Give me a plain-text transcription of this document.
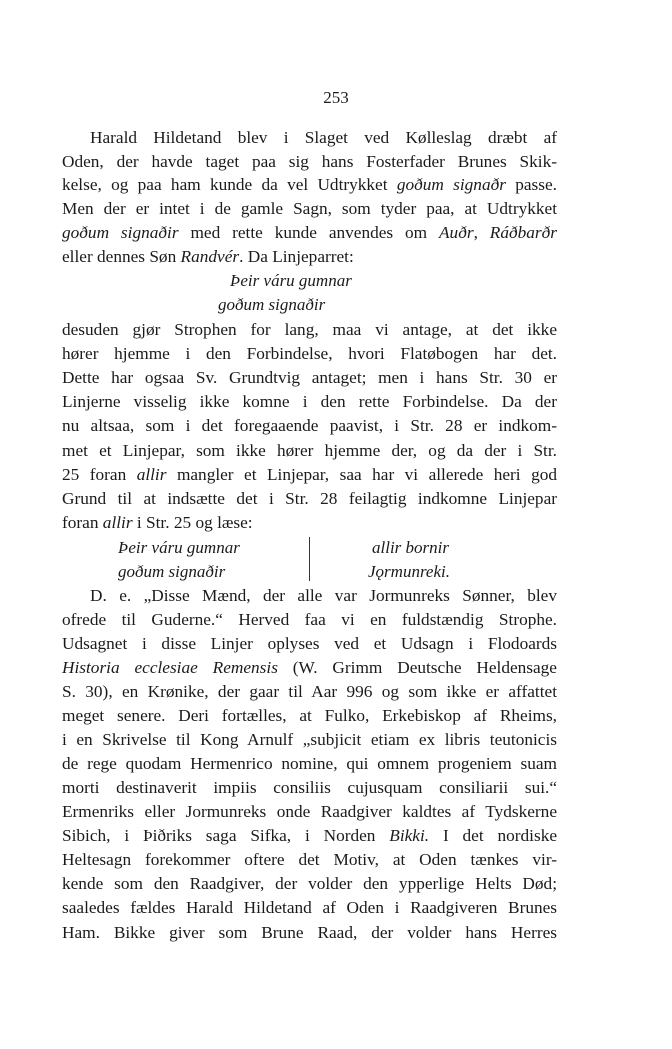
253
Harald Hildetand blev i Slaget ved Kølleslag dræbt af
Oden, der havde taget paa sig hans Fosterfader Brunes Skik-
kelse, og paa ham kunde da vel Udtrykket goðum signaðr passe.
Men der er intet i de gamle Sagn, som tyder paa, at Udtrykket
goðum signaðir med rette kunde anvendes om Auðr, Ráðbarðr
eller dennes Søn Randvér. Da Linjeparret:
Þeir váru gumnar
goðum signaðir
desuden gjør Strophen for lang, maa vi antage, at det ikke
hører hjemme i den Forbindelse, hvori Flatøbogen har det.
Dette har ogsaa Sv. Grundtvig antaget; men i hans Str. 30 er
Linjerne visselig ikke komne i den rette Forbindelse. Da der
nu altsaa, som i det foregaaende paavist, i Str. 28 er indkom-
met et Linjepar, som ikke hører hjemme der, og da der i Str.
25 foran allir mangler et Linjepar, saa har vi allerede heri god
Grund til at indsætte det i Str. 28 feilagtig indkomne Linjepar
foran allir i Str. 25 og læse:
Þeir váru gumnar
goðum signaðir
allir bornir
Jǫrmunreki.
D. e. „Disse Mænd, der alle var Jormunreks Sønner, blev
ofrede til Guderne.“ Herved faa vi en fuldstændig Strophe.
Udsagnet i disse Linjer oplyses ved et Udsagn i Flodoards
Historia ecclesiae Remensis (W. Grimm Deutsche Heldensage
S. 30), en Krønike, der gaar til Aar 996 og som ikke er affattet
meget senere. Deri fortælles, at Fulko, Erkebiskop af Rheims,
i en Skrivelse til Kong Arnulf „subjicit etiam ex libris teutonicis
de rege quodam Hermenrico nomine, qui omnem progeniem suam
morti destinaverit impiis consiliis cujusquam consiliarii sui.“
Ermenriks eller Jormunreks onde Raadgiver kaldtes af Tydskerne
Sibich, i Þiðriks saga Sifka, i Norden Bikki. I det nordiske
Heltesagn forekommer oftere det Motiv, at Oden tænkes vir-
kende som den Raadgiver, der volder den ypperlige Helts Død;
saaledes fældes Harald Hildetand af Oden i Raadgiveren Brunes
Ham. Bikke giver som Brune Raad, der volder hans Herres
